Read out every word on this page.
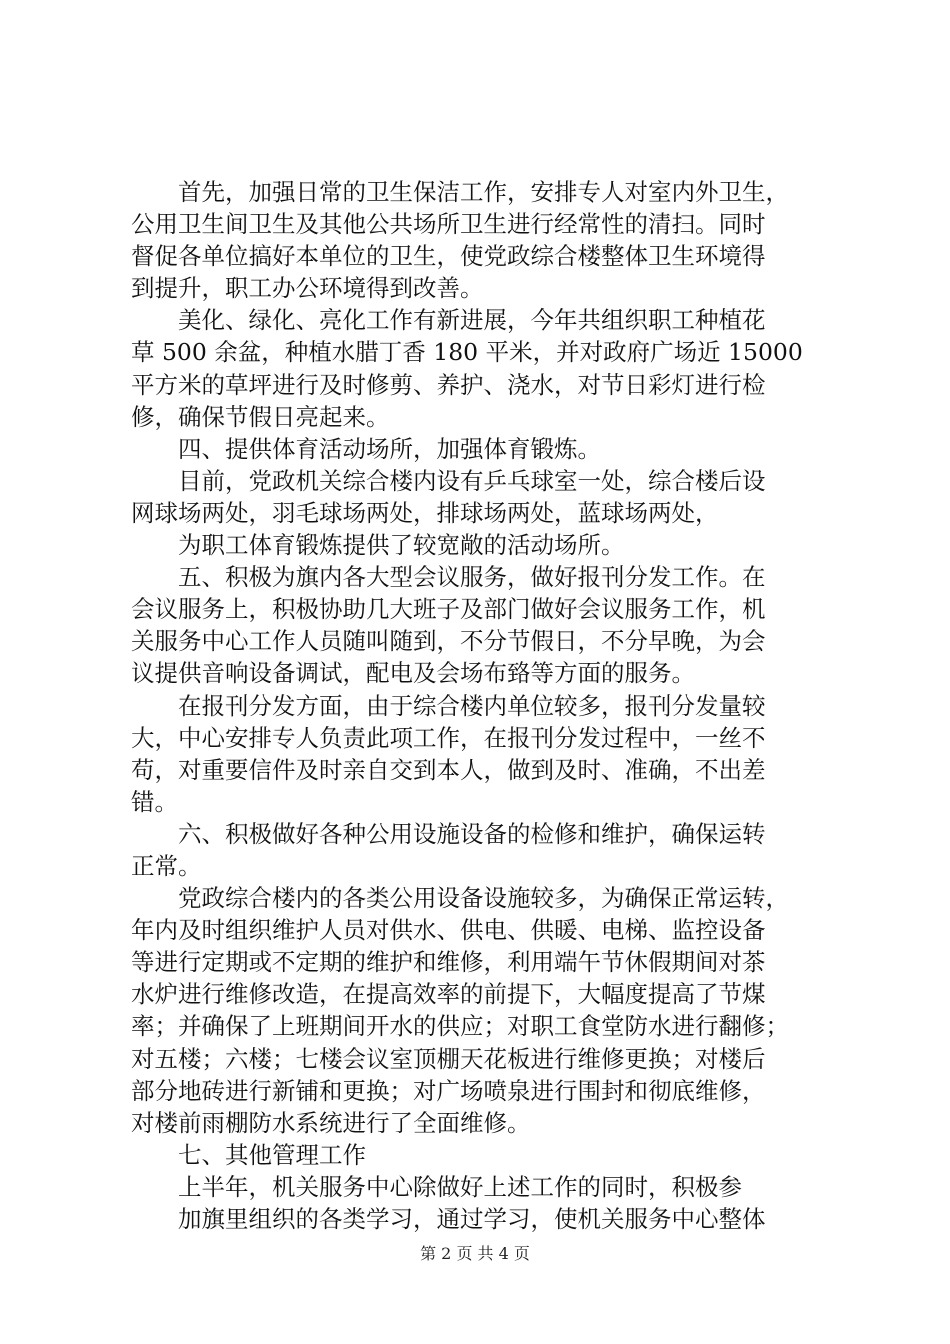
首先，加强日常的卫生保洁工作，安排专人对室内外卫生，
公用卫生间卫生及其他公共场所卫生进行经常性的清扫。同时
督促各单位搞好本单位的卫生，使党政综合楼整体卫生环境得
到提升，职工办公环境得到改善。
美化、绿化、亮化工作有新进展，今年共组织职工种植花
草 500 余盆，种植水腊丁香 180 平米，并对政府广场近 15000
平方米的草坪进行及时修剪、养护、浇水，对节日彩灯进行检
修，确保节假日亮起来。
四、提供体育活动场所，加强体育锻炼。
目前，党政机关综合楼内设有乒乓球室一处，综合楼后设
网球场两处，羽毛球场两处，排球场两处，蓝球场两处，
为职工体育锻炼提供了较宽敞的活动场所。
五、积极为旗内各大型会议服务，做好报刊分发工作。在
会议服务上，积极协助几大班子及部门做好会议服务工作，机
关服务中心工作人员随叫随到，不分节假日，不分早晚，为会
议提供音响设备调试，配电及会场布臵等方面的服务。
在报刊分发方面，由于综合楼内单位较多，报刊分发量较
大，中心安排专人负责此项工作，在报刊分发过程中，一丝不
苟，对重要信件及时亲自交到本人，做到及时、准确，不出差
错。
六、积极做好各种公用设施设备的检修和维护，确保运转
正常。
党政综合楼内的各类公用设备设施较多，为确保正常运转，
年内及时组织维护人员对供水、供电、供暖、电梯、监控设备
等进行定期或不定期的维护和维修，利用端午节休假期间对茶
水炉进行维修改造，在提高效率的前提下，大幅度提高了节煤
率；并确保了上班期间开水的供应；对职工食堂防水进行翻修；
对五楼；六楼；七楼会议室顶棚天花板进行维修更换；对楼后
部分地砖进行新铺和更换；对广场喷泉进行围封和彻底维修，
对楼前雨棚防水系统进行了全面维修。
七、其他管理工作
上半年，机关服务中心除做好上述工作的同时，积极参
加旗里组织的各类学习，通过学习，使机关服务中心整体
第 2 页 共 4 页
